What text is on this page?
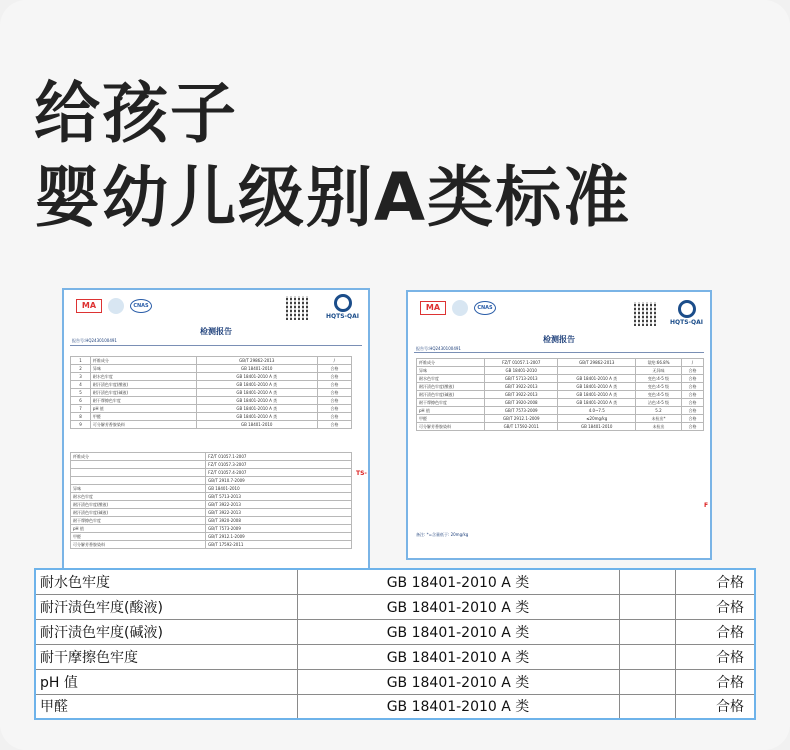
给孩子
婴幼儿级别A类标准
MA	CNAS
HQTS-QAI
检测报告
报告号:HQ2430100491
1	纤维成分	GB/T 29862-2013	/
2	异味	GB 18401-2010	合格
3	耐水色牢度	GB 18401-2010 A 类	合格
4	耐汗渍色牢度(酸液)	GB 18401-2010 A 类	合格
5	耐汗渍色牢度(碱液)	GB 18401-2010 A 类	合格
6	耐干摩擦色牢度	GB 18401-2010 A 类	合格
7	pH 值	GB 18401-2010 A 类	合格
8	甲醛	GB 18401-2010 A 类	合格
9	可分解芳香胺染料	GB 18401-2010	合格
纤维成分	FZ/T 01057.1-2007
	FZ/T 01057.3-2007
	FZ/T 01057.4-2007
	GB/T 2910.7-2009
异味	GB 18401-2010
耐水色牢度	GB/T 5713-2013
耐汗渍色牢度(酸液)	GB/T 3922-2013
耐汗渍色牢度(碱液)	GB/T 3922-2013
耐干摩擦色牢度	GB/T 3920-2008
pH 值	GB/T 7573-2009
甲醛	GB/T 2912.1-2009
可分解芳香胺染料	GB/T 17592-2011
TS-
MA	CNAS
HQTS-QAI
检测报告
报告号:HQ2430100491
纤维成分	FZ/T 01057.1-2007	GB/T 29862-2013	氨纶:66.8%	/
异味	GB 18401-2010		无异味	合格
耐水色牢度	GB/T 5713-2013	GB 18401-2010 A 类	变色:4-5 级	合格
耐汗渍色牢度(酸液)	GB/T 3922-2013	GB 18401-2010 A 类	变色:4-5 级	合格
耐汗渍色牢度(碱液)	GB/T 3922-2013	GB 18401-2010 A 类	变色:4-5 级	合格
耐干摩擦色牢度	GB/T 3920-2008	GB 18401-2010 A 类	沾色:4-5 级	合格
pH 值	GB/T 7573-2009	4.0~7.5	5.2	合格
甲醛	GB/T 2912.1-2009	≤20mg/kg	未检出*	合格
可分解芳香胺染料	GB/T 17592-2011	GB 18401-2010	未检出	合格
备注: *=含量低于: 20mg/kg
F
耐水色牢度	GB 18401-2010 A 类		合格
耐汗渍色牢度(酸液)	GB 18401-2010 A 类		合格
耐汗渍色牢度(碱液)	GB 18401-2010 A 类		合格
耐干摩擦色牢度	GB 18401-2010 A 类		合格
pH 值	GB 18401-2010 A 类		合格
甲醛	GB 18401-2010 A 类		合格
